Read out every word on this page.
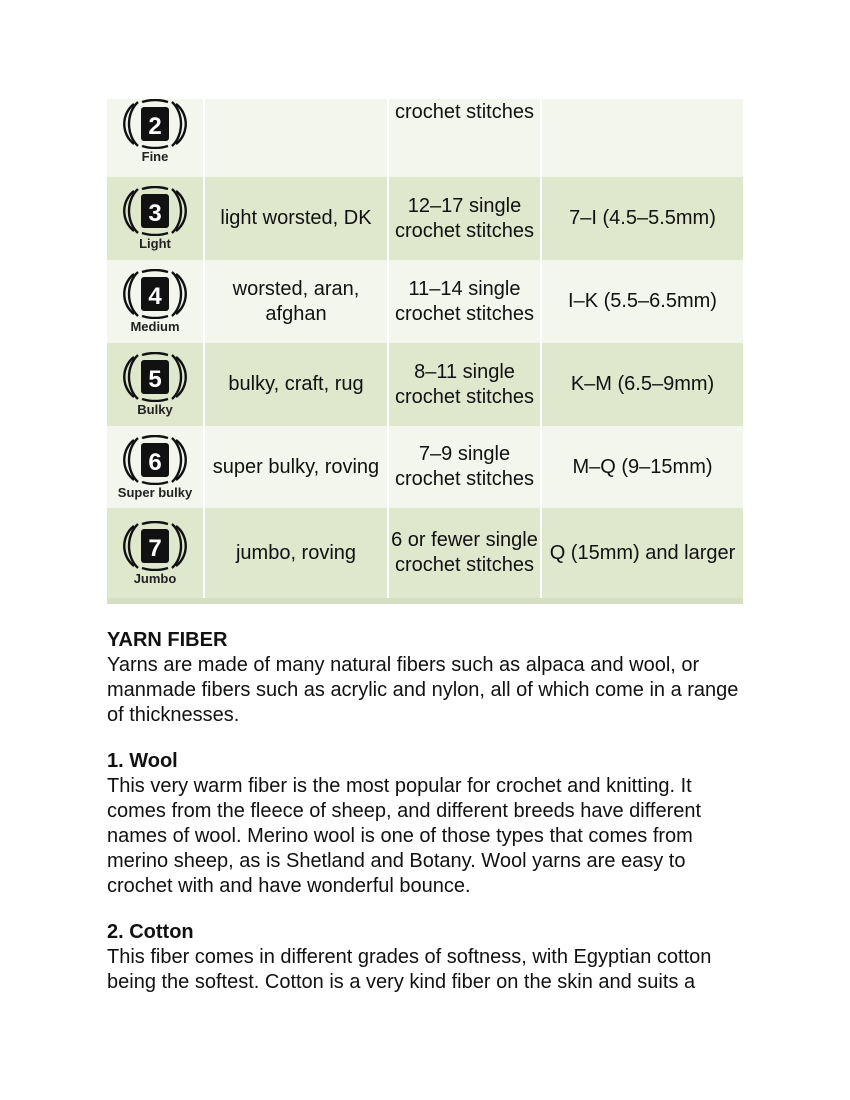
2
Fine
crochet stitches
3
Light
light worsted, DK
12–17 single crochet stitches
7–I (4.5–5.5mm)
4
Medium
worsted, aran, afghan
11–14 single crochet stitches
I–K (5.5–6.5mm)
5
Bulky
bulky, craft, rug
8–11 single crochet stitches
K–M (6.5–9mm)
6
Super bulky
super bulky, roving
7–9 single crochet stitches
M–Q (9–15mm)
7
Jumbo
jumbo, roving
6 or fewer single crochet stitches
Q (15mm) and larger
YARN FIBER

Yarns are made of many natural fibers such as alpaca and wool, or manmade fibers such as acrylic and nylon, all of which come in a range of thicknesses.

1. Wool

This very warm fiber is the most popular for crochet and knitting. It comes from the fleece of sheep, and different breeds have different names of wool. Merino wool is one of those types that comes from merino sheep, as is Shetland and Botany. Wool yarns are easy to crochet with and have wonderful bounce.

2. Cotton

This fiber comes in different grades of softness, with Egyptian cotton being the softest. Cotton is a very kind fiber on the skin and suits a
